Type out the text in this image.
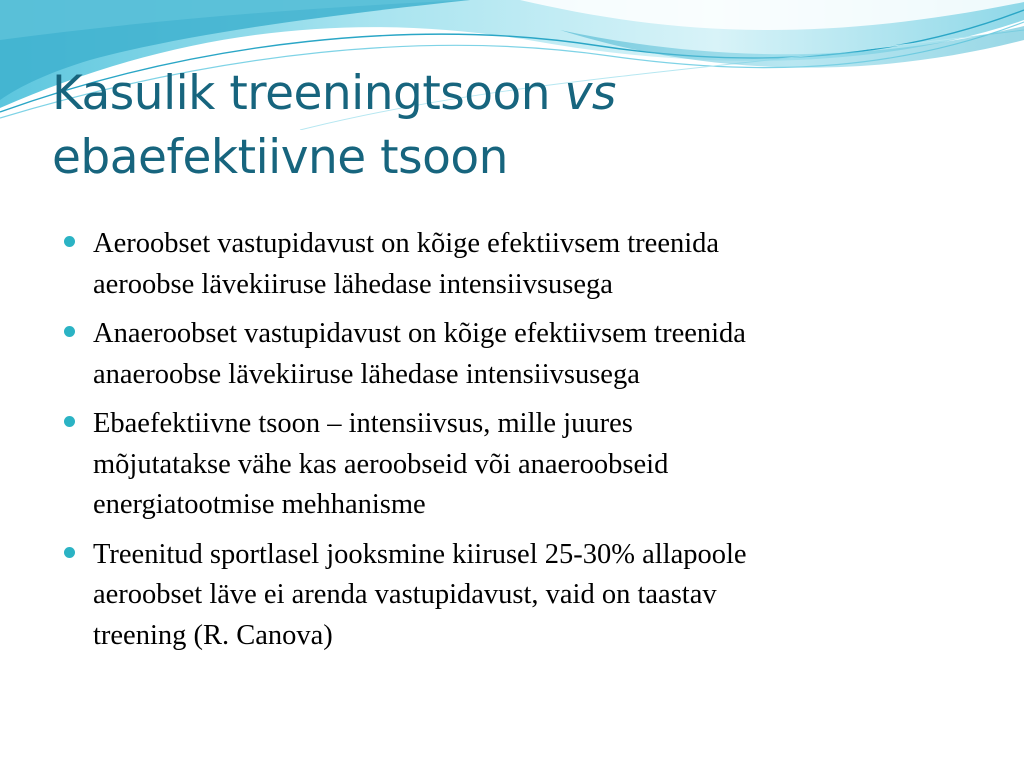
Kasulik treeningtsoon vs
ebaefektiivne tsoon
Aeroobset vastupidavust on kõige efektiivsem treenida
aeroobse lävekiiruse lähedase intensiivsusega
Anaeroobset vastupidavust on kõige efektiivsem treenida
anaeroobse lävekiiruse lähedase intensiivsusega
Ebaefektiivne tsoon – intensiivsus, mille juures
mõjutatakse vähe kas aeroobseid või anaeroobseid
energiatootmise mehhanisme
Treenitud sportlasel jooksmine kiirusel 25-30% allapoole
aeroobset läve ei arenda vastupidavust, vaid on taastav
treening (R. Canova)
